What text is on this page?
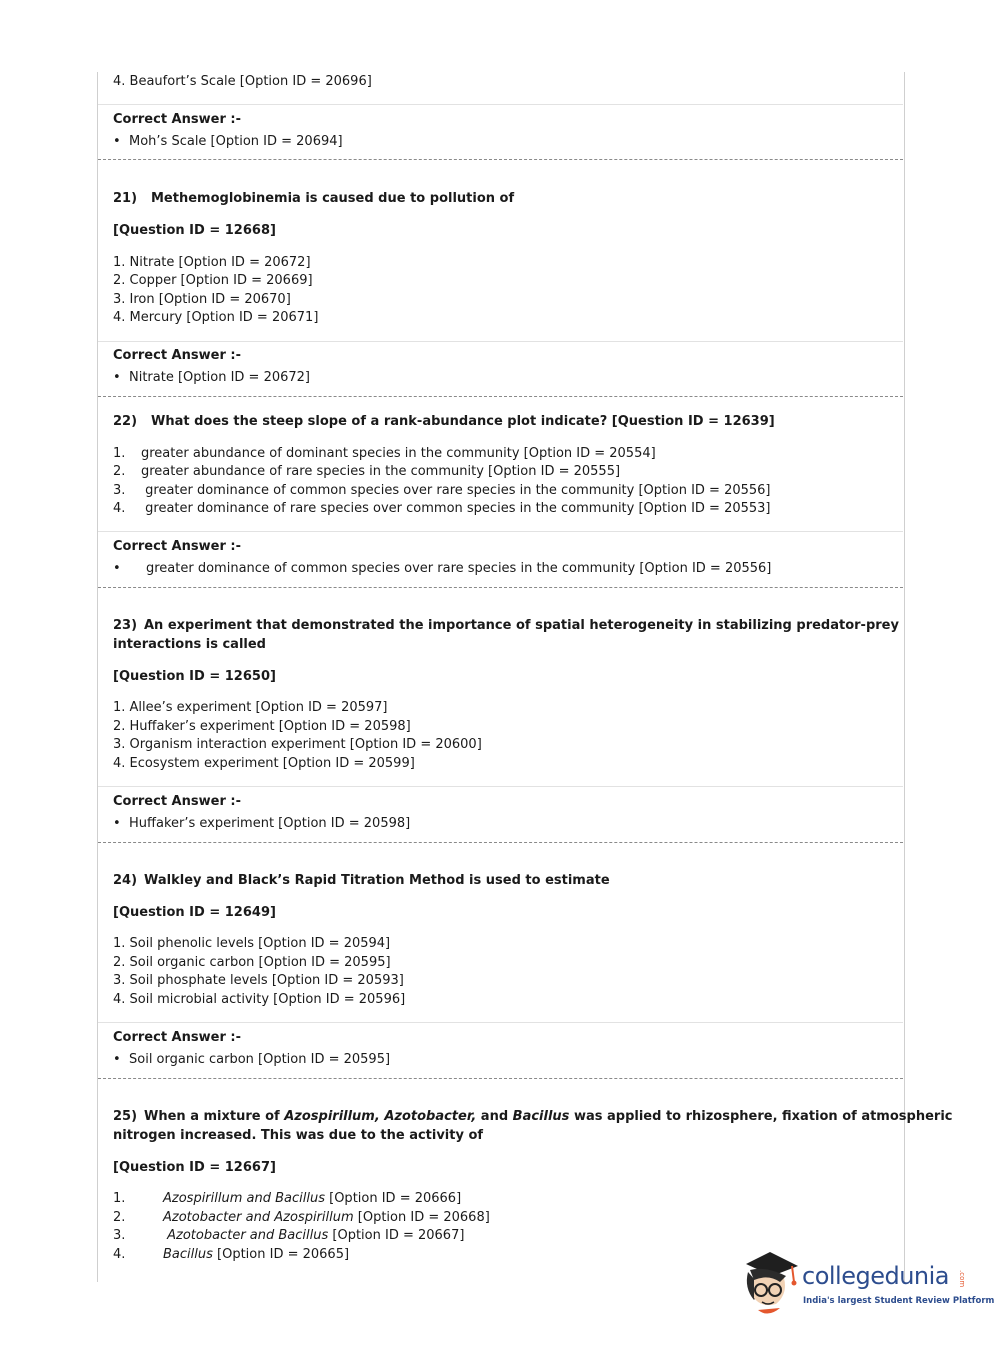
4. Beaufort’s Scale [Option ID = 20696]
Correct Answer :-
• Moh’s Scale [Option ID = 20694]
21) Methemoglobinemia is caused due to pollution of
[Question ID = 12668]
1. Nitrate [Option ID = 20672]
2. Copper [Option ID = 20669]
3. Iron [Option ID = 20670]
4. Mercury [Option ID = 20671]
Correct Answer :-
• Nitrate [Option ID = 20672]
22) What does the steep slope of a rank-abundance plot indicate? [Question ID = 12639]
1. greater abundance of dominant species in the community [Option ID = 20554]
2. greater abundance of rare species in the community [Option ID = 20555]
3. greater dominance of common species over rare species in the community [Option ID = 20556]
4. greater dominance of rare species over common species in the community [Option ID = 20553]
Correct Answer :-
• greater dominance of common species over rare species in the community [Option ID = 20556]
23) An experiment that demonstrated the importance of spatial heterogeneity in stabilizing predator-prey
interactions is called
[Question ID = 12650]
1. Allee’s experiment [Option ID = 20597]
2. Huffaker’s experiment [Option ID = 20598]
3. Organism interaction experiment [Option ID = 20600]
4. Ecosystem experiment [Option ID = 20599]
Correct Answer :-
• Huffaker’s experiment [Option ID = 20598]
24) Walkley and Black’s Rapid Titration Method is used to estimate
[Question ID = 12649]
1. Soil phenolic levels [Option ID = 20594]
2. Soil organic carbon [Option ID = 20595]
3. Soil phosphate levels [Option ID = 20593]
4. Soil microbial activity [Option ID = 20596]
Correct Answer :-
• Soil organic carbon [Option ID = 20595]
25) When a mixture of Azospirillum, Azotobacter, and Bacillus was applied to rhizosphere, fixation of atmospheric
nitrogen increased. This was due to the activity of
[Question ID = 12667]
1.	Azospirillum and Bacillus [Option ID = 20666]
2.	Azotobacter and Azospirillum [Option ID = 20668]
3.	Azotobacter and Bacillus [Option ID = 20667]
4.	Bacillus [Option ID = 20665]
collegedunia .com
India's largest Student Review Platform
